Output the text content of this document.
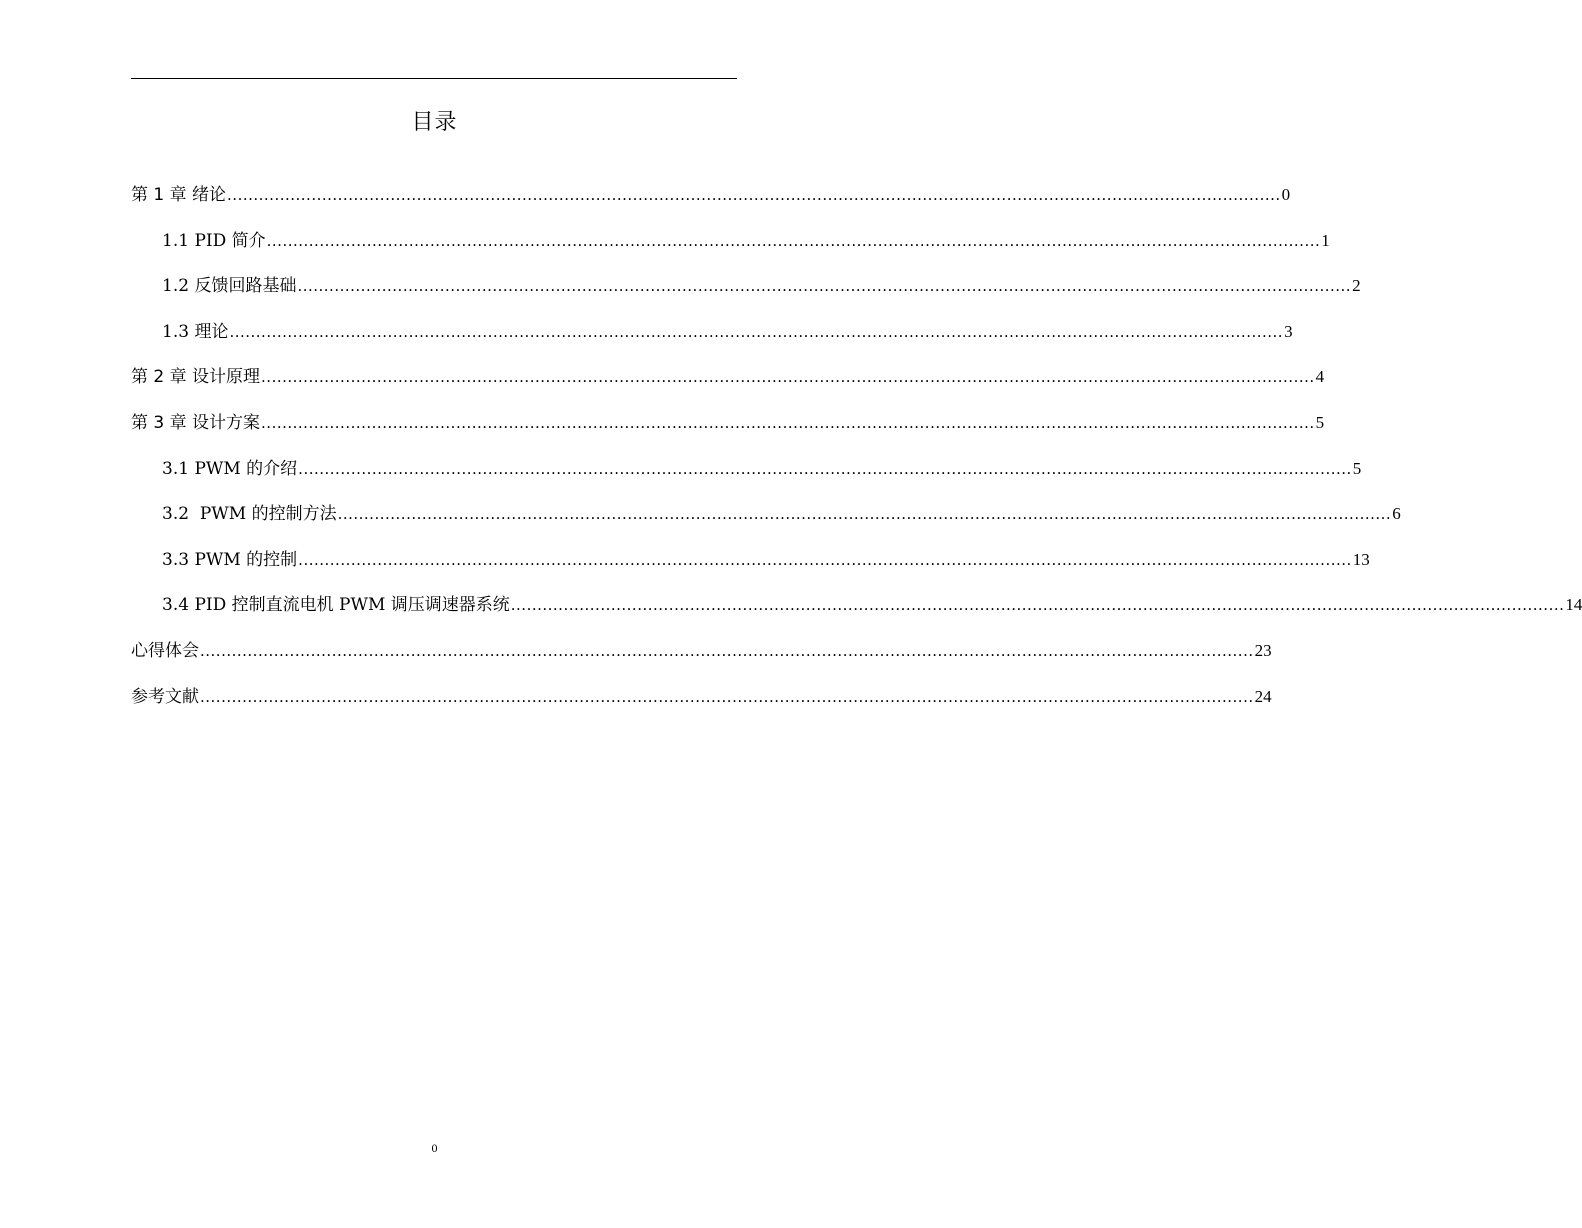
目录
第 1 章 绪论 ........................................................................................................................................................................................................ 0
1.1 PID 简介 ........................................................................................................................................................................................................ 1
1.2 反馈回路基础 ........................................................................................................................................................................................................ 2
1.3 理论 ........................................................................................................................................................................................................ 3
第 2 章 设计原理 ........................................................................................................................................................................................................ 4
第 3 章 设计方案 ........................................................................................................................................................................................................ 5
3.1 PWM 的介绍 ........................................................................................................................................................................................................ 5
3.2  PWM 的控制方法 ........................................................................................................................................................................................................ 6
3.3 PWM 的控制 ........................................................................................................................................................................................................ 13
3.4 PID 控制直流电机 PWM 调压调速器系统 ........................................................................................................................................................................................................ 14
心得体会 ........................................................................................................................................................................................................ 23
参考文献 ........................................................................................................................................................................................................ 24
0
